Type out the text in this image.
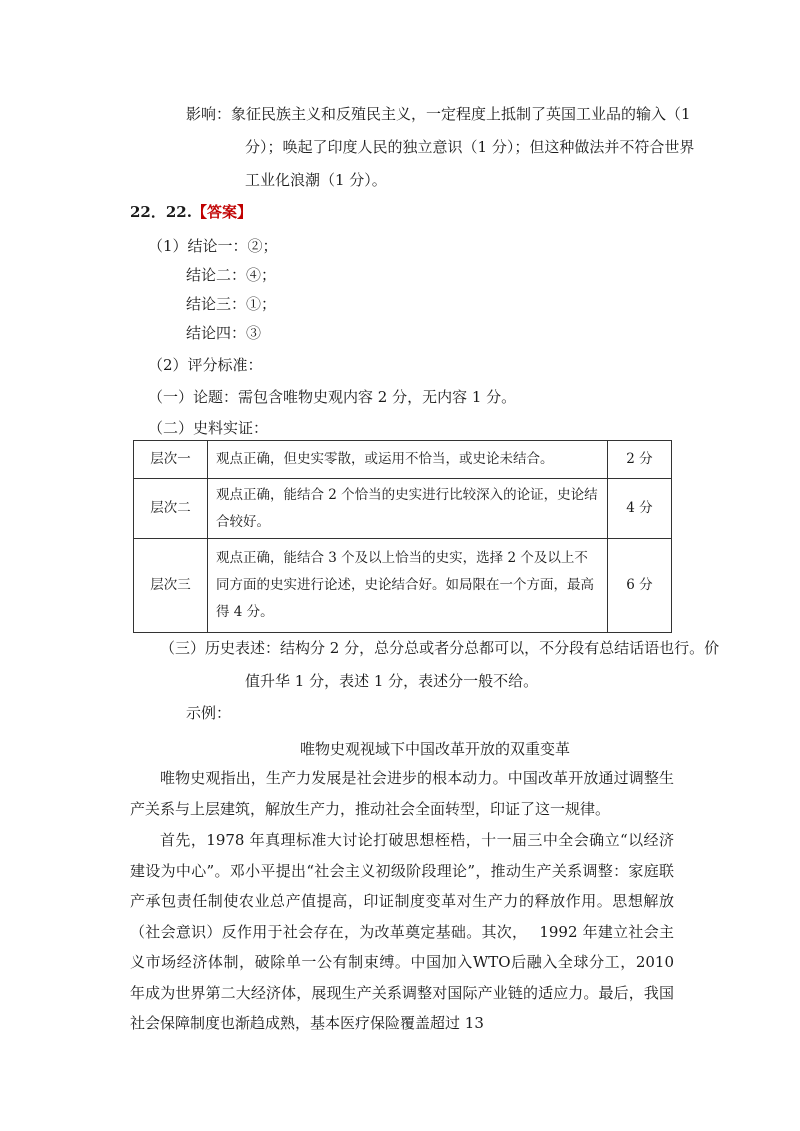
影响：象征民族主义和反殖民主义，一定程度上抵制了英国工业品的输入（1
分）；唤起了印度人民的独立意识（1 分）；但这种做法并不符合世界
工业化浪潮（1 分）。
22．22.【答案】
（1）结论一：②；
结论二：④；
结论三：①；
结论四：③
（2）评分标准：
（一）论题：需包含唯物史观内容 2 分，无内容 1 分。
（二）史料实证：
层次一	观点正确，但史实零散，或运用不恰当，或史论未结合。	2 分
层次二	观点正确，能结合 2 个恰当的史实进行比较深入的论证，史论结合较好。	4 分
层次三	观点正确，能结合 3 个及以上恰当的史实，选择 2 个及以上不同方面的史实进行论述，史论结合好。如局限在一个方面，最高得 4 分。	6 分
（三）历史表述：结构分 2 分，总分总或者分总都可以，不分段有总结话语也行。价
值升华 1 分，表述 1 分，表述分一般不给。
示例：
唯物史观视域下中国改革开放的双重变革
唯物史观指出，生产力发展是社会进步的根本动力。中国改革开放通过调整生产关系与上层建筑，解放生产力，推动社会全面转型，印证了这一规律。
首先，1978 年真理标准大讨论打破思想桎梏，十一届三中全会确立“以经济建设为中心”。邓小平提出“社会主义初级阶段理论”，推动生产关系调整：家庭联产承包责任制使农业总产值提高，印证制度变革对生产力的释放作用。思想解放（社会意识）反作用于社会存在，为改革奠定基础。其次， 1992 年建立社会主义市场经济体制，破除单一公有制束缚。中国加入WTO后融入全球分工，2010 年成为世界第二大经济体，展现生产关系调整对国际产业链的适应力。最后，我国社会保障制度也渐趋成熟，基本医疗保险覆盖超过 13
